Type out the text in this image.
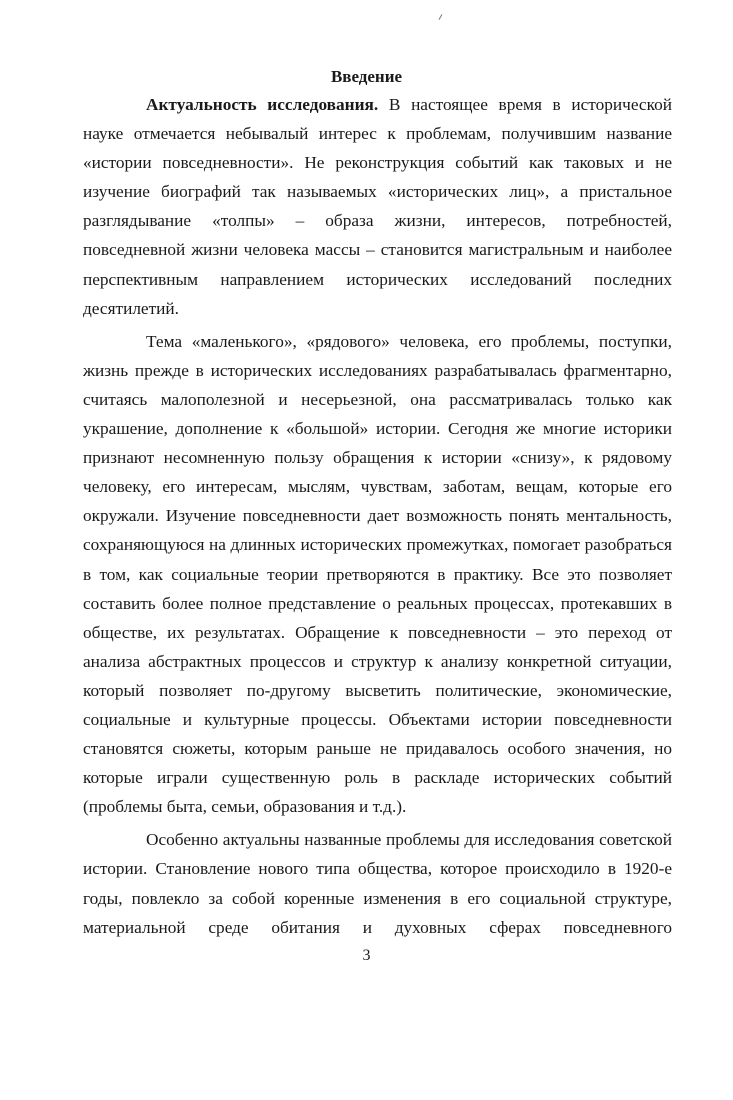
Введение

Актуальность исследования. В настоящее время в исторической науке отмечается небывалый интерес к проблемам, получившим название «истории повседневности». Не реконструкция событий как таковых и не изучение биографий так называемых «исторических лиц», а пристальное разглядывание «толпы» – образа жизни, интересов, потребностей, повседневной жизни человека массы – становится магистральным и наиболее перспективным направлением исторических исследований последних десятилетий.

Тема «маленького», «рядового» человека, его проблемы, поступки, жизнь прежде в исторических исследованиях разрабатывалась фрагментарно, считаясь малополезной и несерьезной, она рассматривалась только как украшение, дополнение к «большой» истории. Сегодня же многие историки признают несомненную пользу обращения к истории «снизу», к рядовому человеку, его интересам, мыслям, чувствам, заботам, вещам, которые его окружали. Изучение повседневности дает возможность понять ментальность, сохраняющуюся на длинных исторических промежутках, помогает разобраться в том, как социальные теории претворяются в практику. Все это позволяет составить более полное представление о реальных процессах, протекавших в обществе, их результатах. Обращение к повседневности – это переход от анализа абстрактных процессов и структур к анализу конкретной ситуации, который позволяет по-другому высветить политические, экономические, социальные и культурные процессы. Объектами истории повседневности становятся сюжеты, которым раньше не придавалось особого значения, но которые играли существенную роль в раскладе исторических событий (проблемы быта, семьи, образования и т.д.).

Особенно актуальны названные проблемы для исследования советской истории. Становление нового типа общества, которое происходило в 1920-е годы, повлекло за собой коренные изменения в его социальной структуре, материальной среде обитания и духовных сферах повседневного

3
